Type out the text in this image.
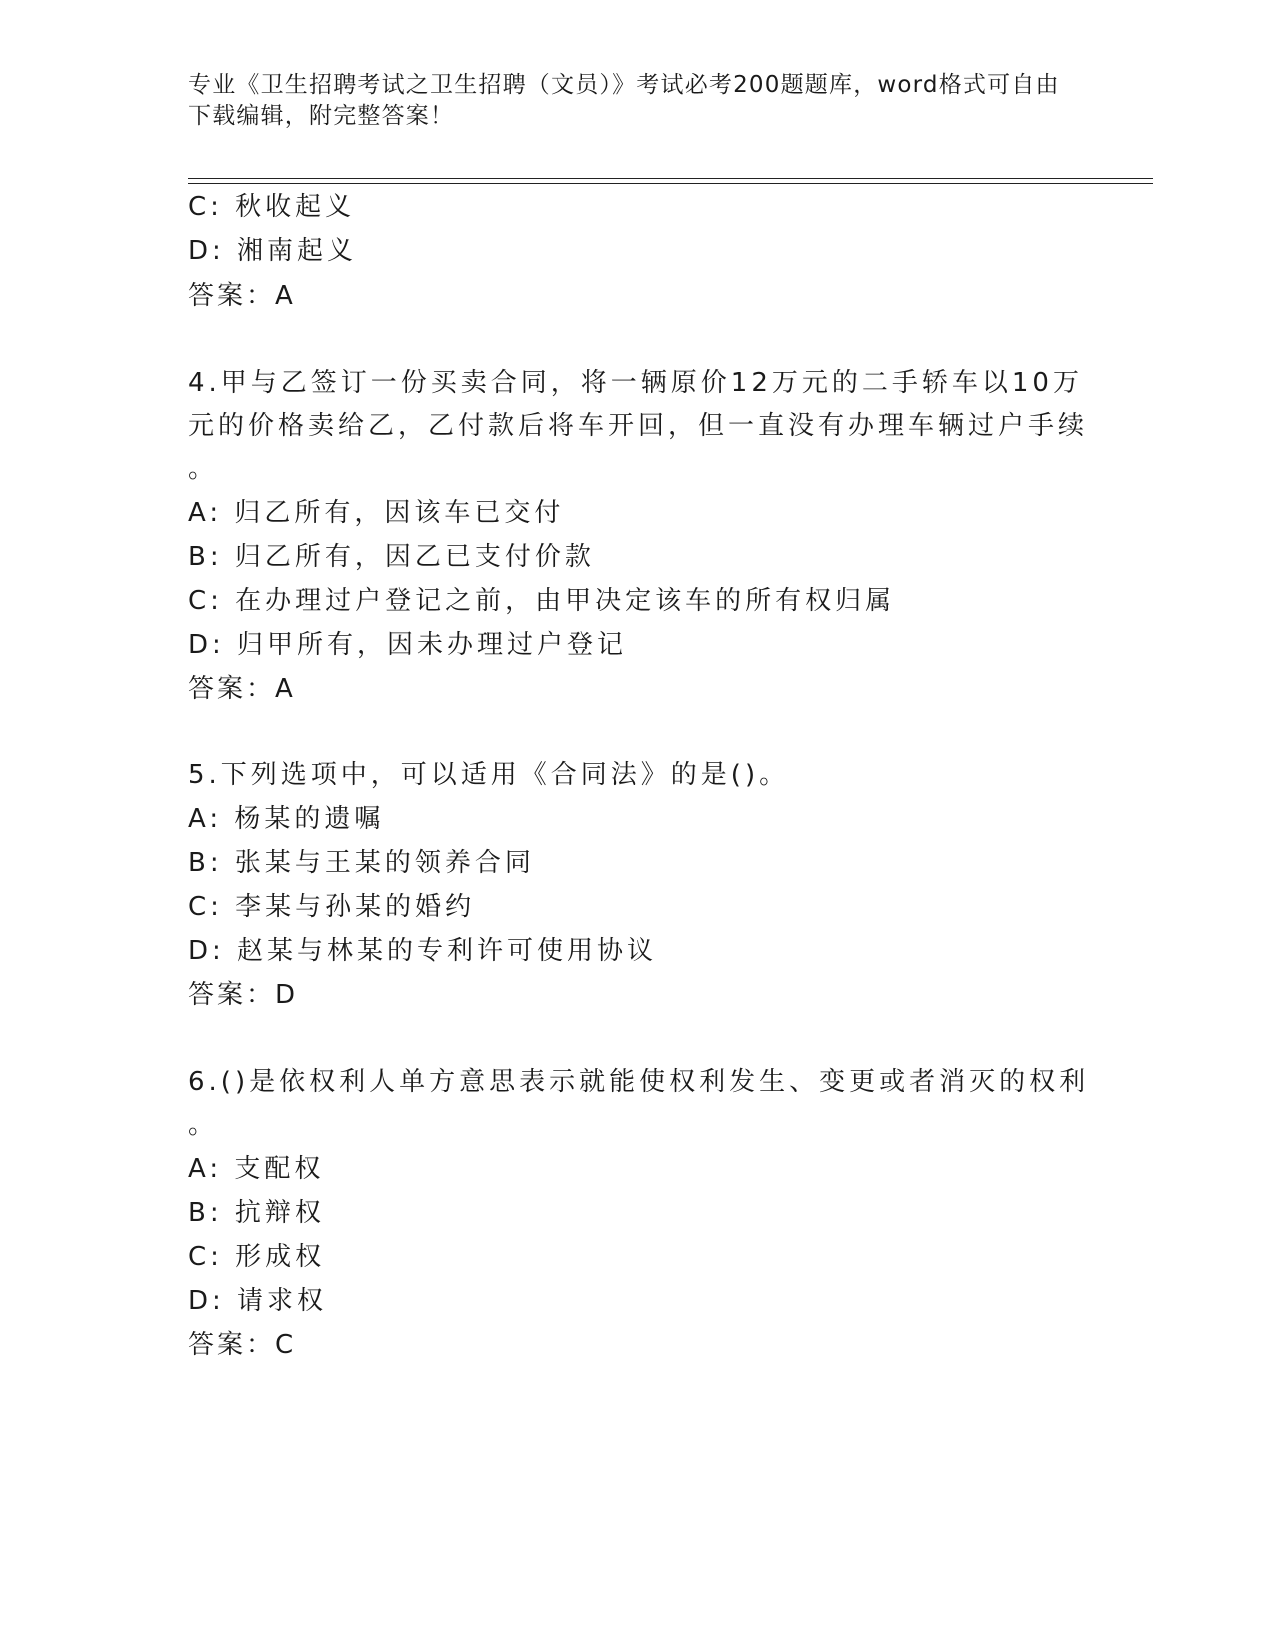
专业《卫生招聘考试之卫生招聘（文员）》考试必考200题题库，word格式可自由下载编辑，附完整答案！
C: 秋收起义
D: 湘南起义
答案：A
4.甲与乙签订一份买卖合同，将一辆原价12万元的二手轿车以10万
元的价格卖给乙，乙付款后将车开回，但一直没有办理车辆过户手续
。
A: 归乙所有，因该车已交付
B: 归乙所有，因乙已支付价款
C: 在办理过户登记之前，由甲决定该车的所有权归属
D: 归甲所有，因未办理过户登记
答案：A
5.下列选项中，可以适用《合同法》的是()。
A: 杨某的遗嘱
B: 张某与王某的领养合同
C: 李某与孙某的婚约
D: 赵某与林某的专利许可使用协议
答案：D
6.()是依权利人单方意思表示就能使权利发生、变更或者消灭的权利
。
A: 支配权
B: 抗辩权
C: 形成权
D: 请求权
答案：C
